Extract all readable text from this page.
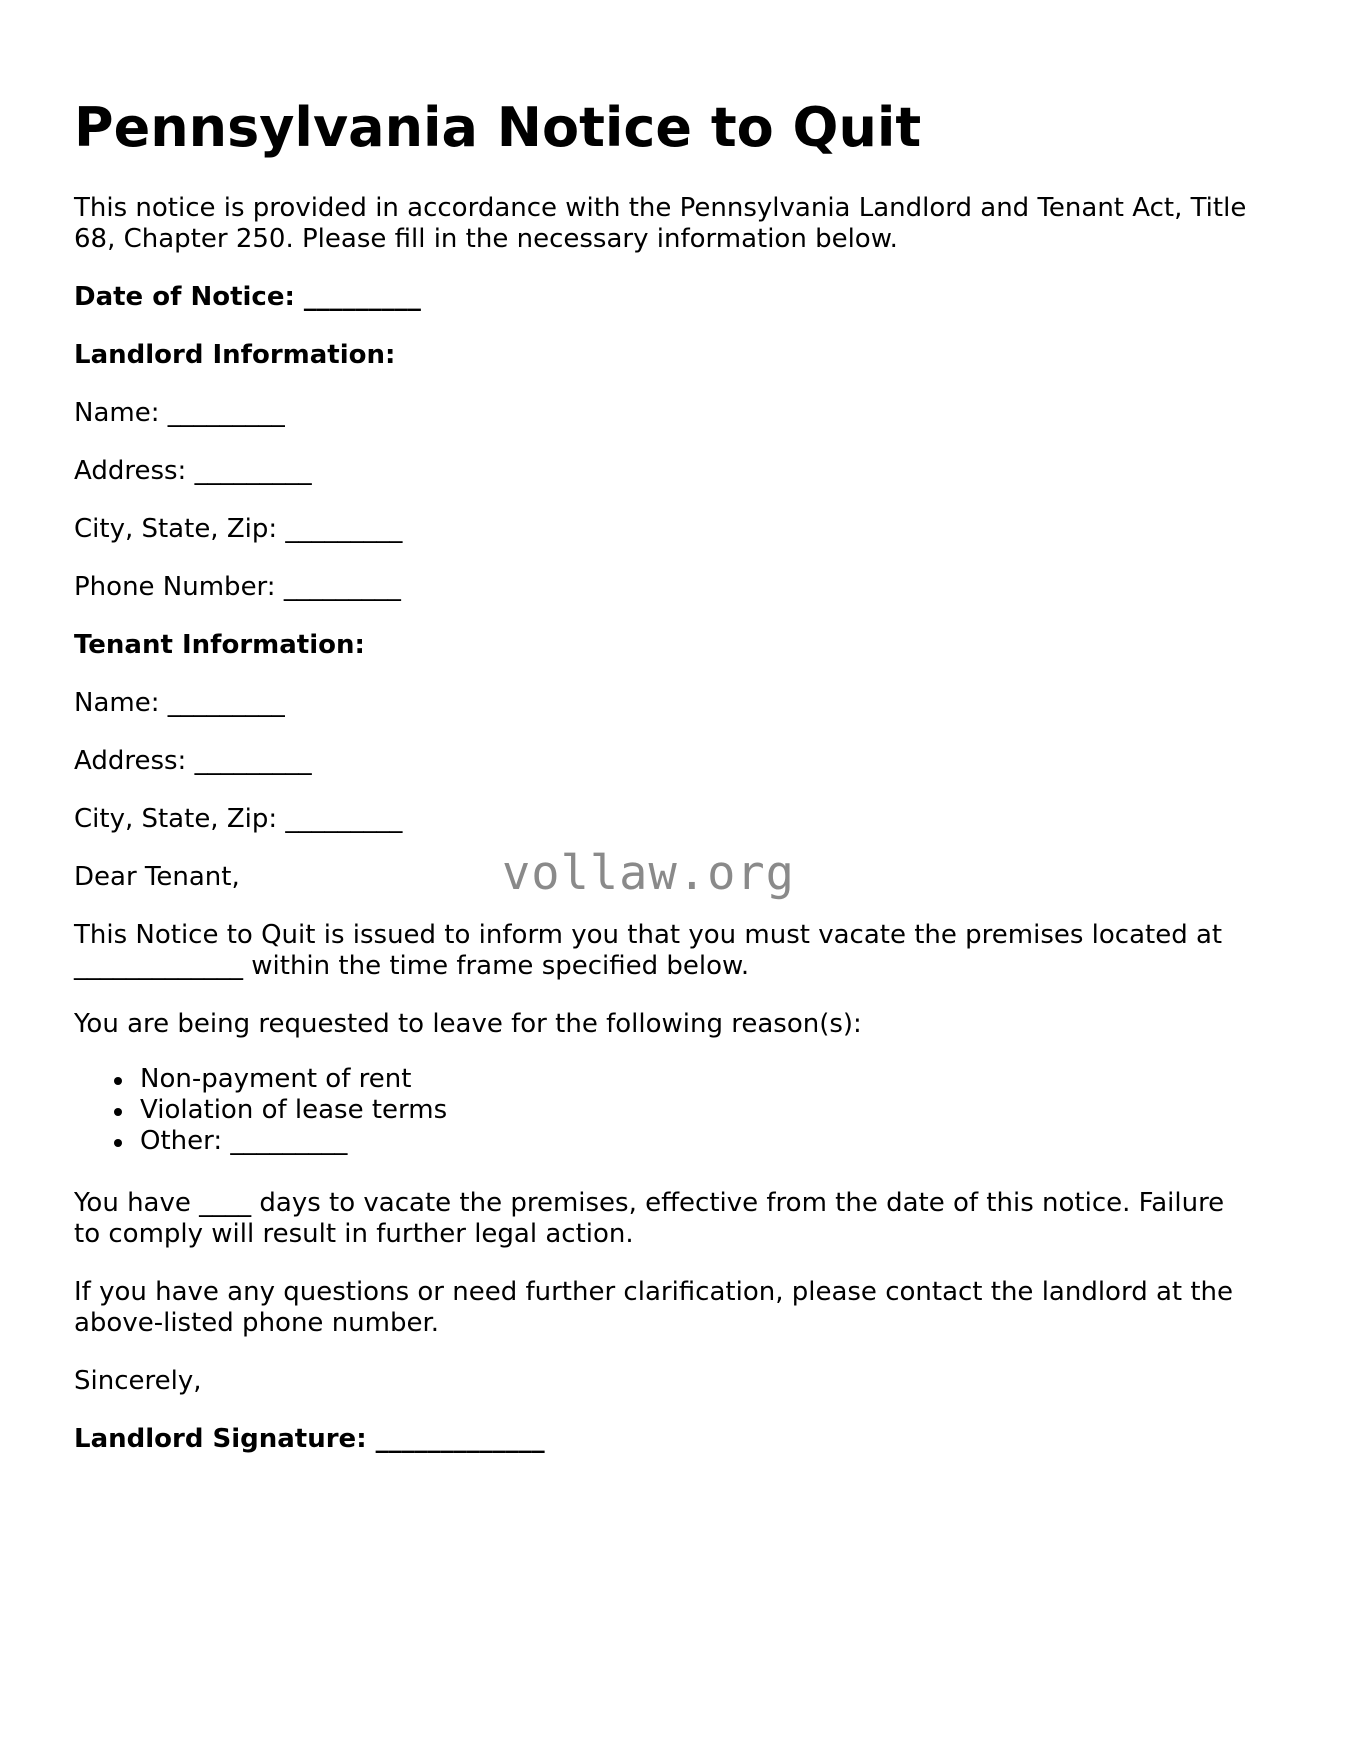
Pennsylvania Notice to Quit

This notice is provided in accordance with the Pennsylvania Landlord and Tenant Act, Title

68, Chapter 250. Please fill in the necessary information below.

Date of Notice: _________

Landlord Information:

Name: _________

Address: _________

City, State, Zip: _________

Phone Number: _________

Tenant Information:

Name: _________

Address: _________

City, State, Zip: _________

Dear Tenant,

This Notice to Quit is issued to inform you that you must vacate the premises located at

_____________ within the time frame specified below.

You are being requested to leave for the following reason(s):

Non-payment of rent
Violation of lease terms
Other: _________

You have ____ days to vacate the premises, effective from the date of this notice. Failure

to comply will result in further legal action.

If you have any questions or need further clarification, please contact the landlord at the

above-listed phone number.

Sincerely,

Landlord Signature: _____________

vollaw.org
